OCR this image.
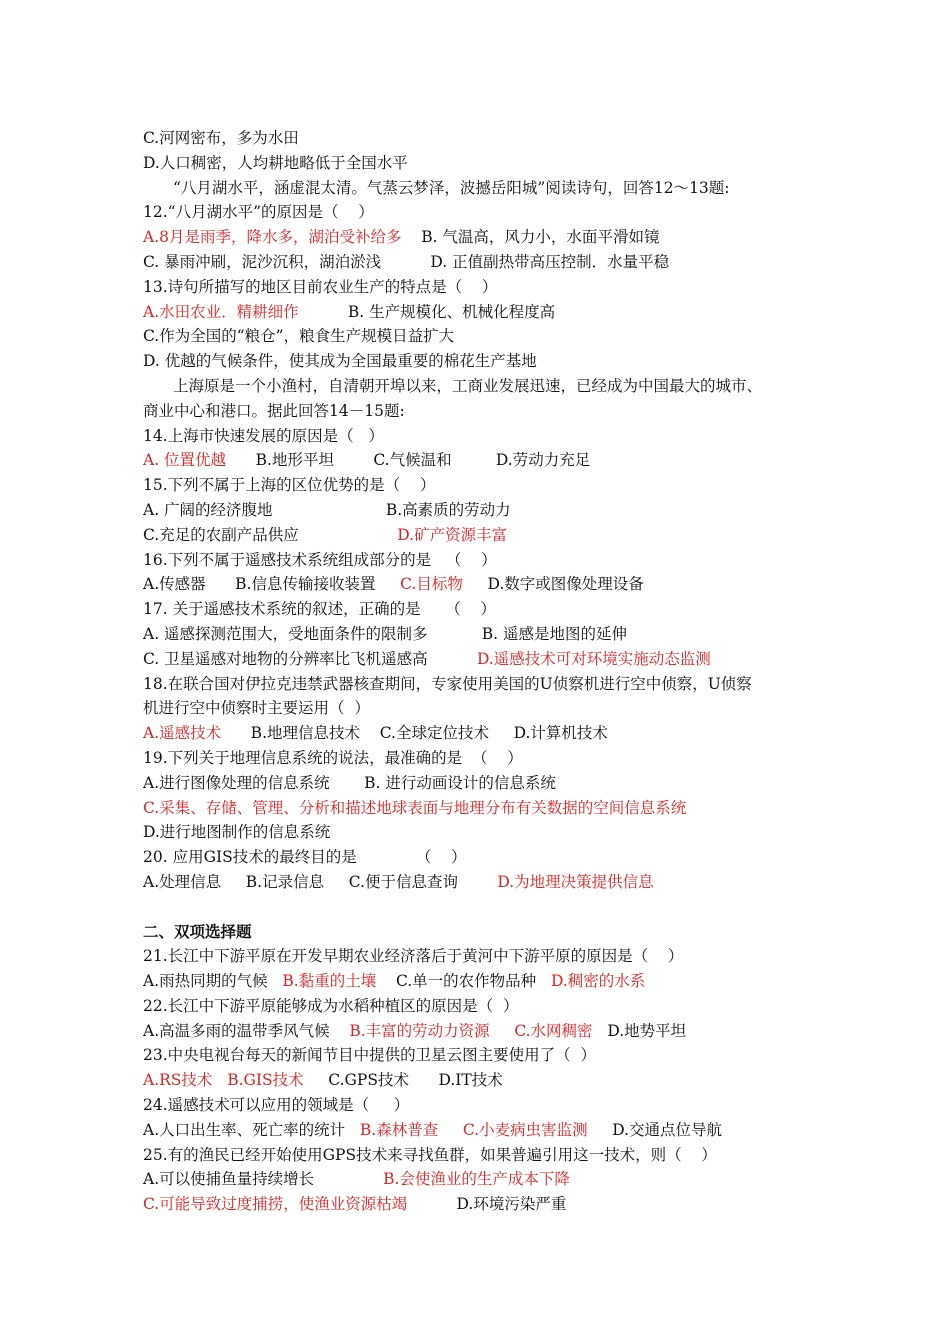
C.河网密布，多为水田
D.人口稠密，人均耕地略低于全国水平
“八月湖水平，涵虚混太清。气蒸云梦泽，波撼岳阳城”阅读诗句，回答12～13题:
12.“八月湖水平”的原因是（    ）
A.8月是雨季，降水多，湖泊受补给多    B. 气温高，风力小，水面平滑如镜
C. 暴雨冲刷，泥沙沉积，湖泊淤浅          D. 正值副热带高压控制．水量平稳
13.诗句所描写的地区目前农业生产的特点是（    ）
A.水田农业．精耕细作          B. 生产规模化、机械化程度高
C.作为全国的“粮仓”，粮食生产规模日益扩大
D. 优越的气候条件，使其成为全国最重要的棉花生产基地
上海原是一个小渔村，自清朝开埠以来，工商业发展迅速，已经成为中国最大的城市、
商业中心和港口。据此回答14－15题:
14.上海市快速发展的原因是（   ）
A. 位置优越      B.地形平坦        C.气候温和         D.劳动力充足
15.下列不属于上海的区位优势的是（    ）
A. 广阔的经济腹地                       B.高素质的劳动力
C.充足的农副产品供应                    D.矿产资源丰富
16.下列不属于遥感技术系统组成部分的是   （    ）
A.传感器      B.信息传输接收装置     C.目标物     D.数字或图像处理设备
17. 关于遥感技术系统的叙述，正确的是     （    ）
A. 遥感探测范围大，受地面条件的限制多           B. 遥感是地图的延伸
C. 卫星遥感对地物的分辨率比飞机遥感高          D.遥感技术可对环境实施动态监测
18.在联合国对伊拉克违禁武器核查期间，专家使用美国的U侦察机进行空中侦察，U侦察
机进行空中侦察时主要运用（  ）
A.遥感技术      B.地理信息技术    C.全球定位技术     D.计算机技术
19.下列关于地理信息系统的说法，最准确的是  （    ）
A.进行图像处理的信息系统       B. 进行动画设计的信息系统
C.采集、存储、管理、分析和描述地球表面与地理分布有关数据的空间信息系统
D.进行地图制作的信息系统
20. 应用GIS技术的最终目的是            （    ）
A.处理信息     B.记录信息     C.便于信息查询        D.为地理决策提供信息
二、双项选择题
21.长江中下游平原在开发早期农业经济落后于黄河中下游平原的原因是（    ）
A.雨热同期的气候   B.黏重的土壤    C.单一的农作物品种   D.稠密的水系
22.长江中下游平原能够成为水稻种植区的原因是（  ）
A.高温多雨的温带季风气候    B.丰富的劳动力资源 C.水网稠密   D.地势平坦
23.中央电视台每天的新闻节目中提供的卫星云图主要使用了（  ）
A.RS技术   B.GIS技术     C.GPS技术      D.IT技术
24.遥感技术可以应用的领域是（     ）
A.人口出生率、死亡率的统计   B.森林普查     C.小麦病虫害监测     D.交通点位导航
25.有的渔民已经开始使用GPS技术来寻找鱼群，如果普遍引用这一技术，则（    ）
A.可以使捕鱼量持续增长              B.会使渔业的生产成本下降
C.可能导致过度捕捞，使渔业资源枯竭          D.环境污染严重
